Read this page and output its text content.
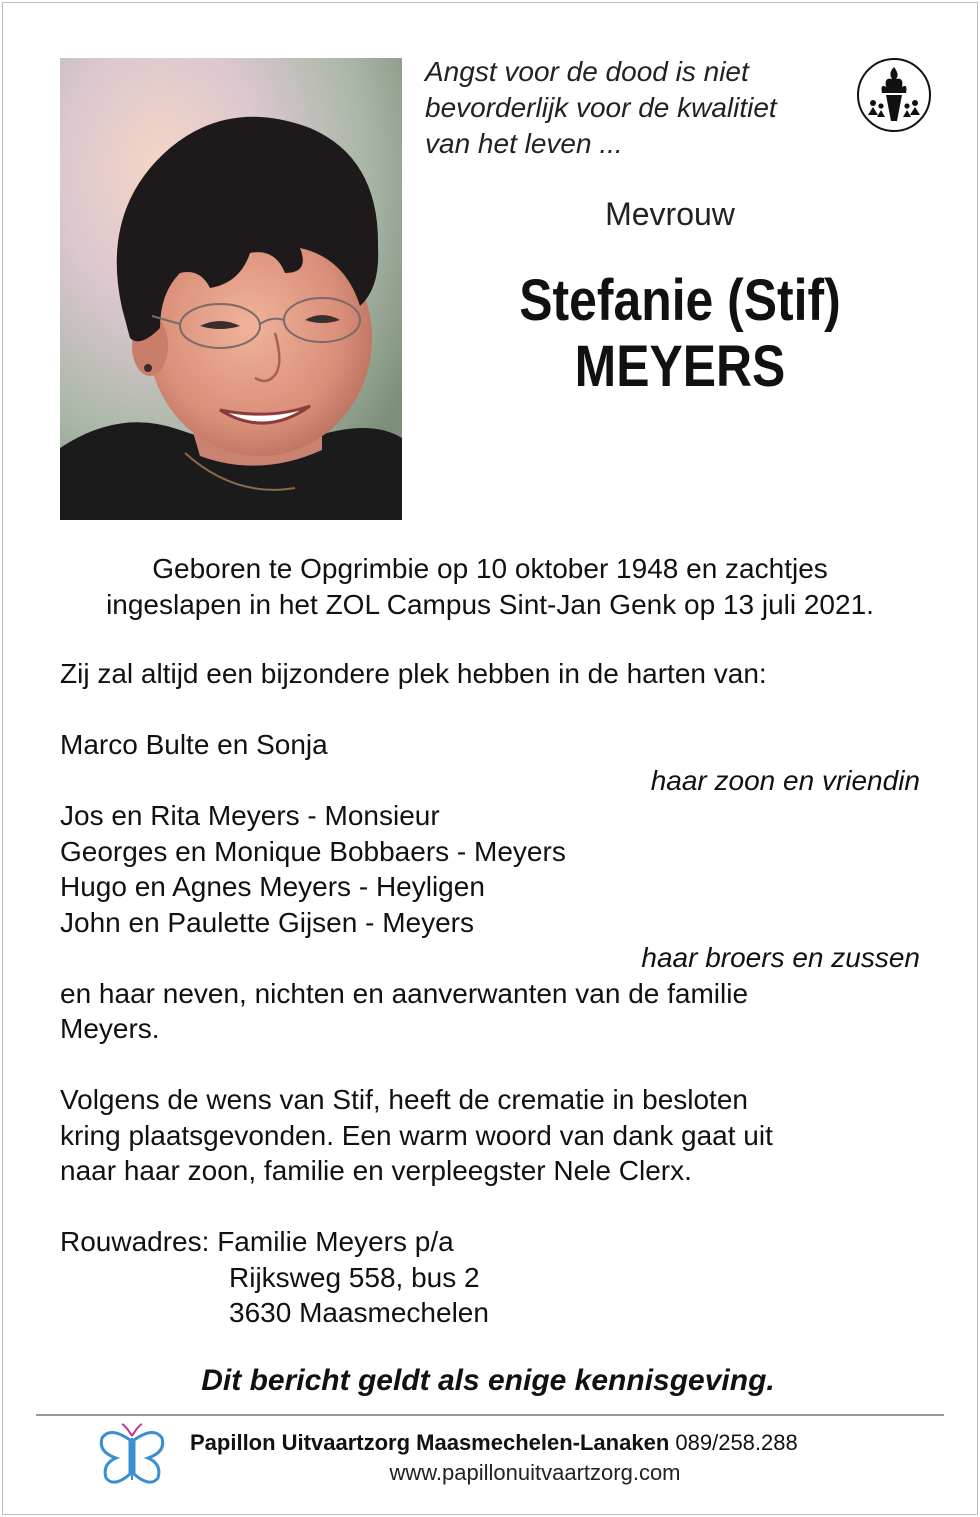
Angst voor de dood is niet
bevorderlijk voor de kwalitiet
van het leven ...
Mevrouw
Stefanie (Stif)
MEYERS
Geboren te Opgrimbie op 10 oktober 1948 en zachtjes
ingeslapen in het ZOL Campus Sint-Jan Genk op 13 juli 2021.

Zij zal altijd een bijzondere plek hebben in de harten van:

Marco Bulte en Sonja

haar zoon en vriendin

Jos en Rita Meyers - Monsieur

Georges en Monique Bobbaers - Meyers

Hugo en Agnes Meyers - Heyligen

John en Paulette Gijsen - Meyers

haar broers en zussen

en haar neven, nichten en aanverwanten van de familie

Meyers.

Volgens de wens van Stif, heeft de crematie in besloten

kring plaatsgevonden. Een warm woord van dank gaat uit

naar haar zoon, familie en verpleegster Nele Clerx.

Rouwadres: Familie Meyers p/a

Rijksweg 558, bus 2

3630 Maasmechelen

Dit bericht geldt als enige kennisgeving.
Papillon Uitvaartzorg Maasmechelen-Lanaken 089/258.288
www.papillonuitvaartzorg.com
